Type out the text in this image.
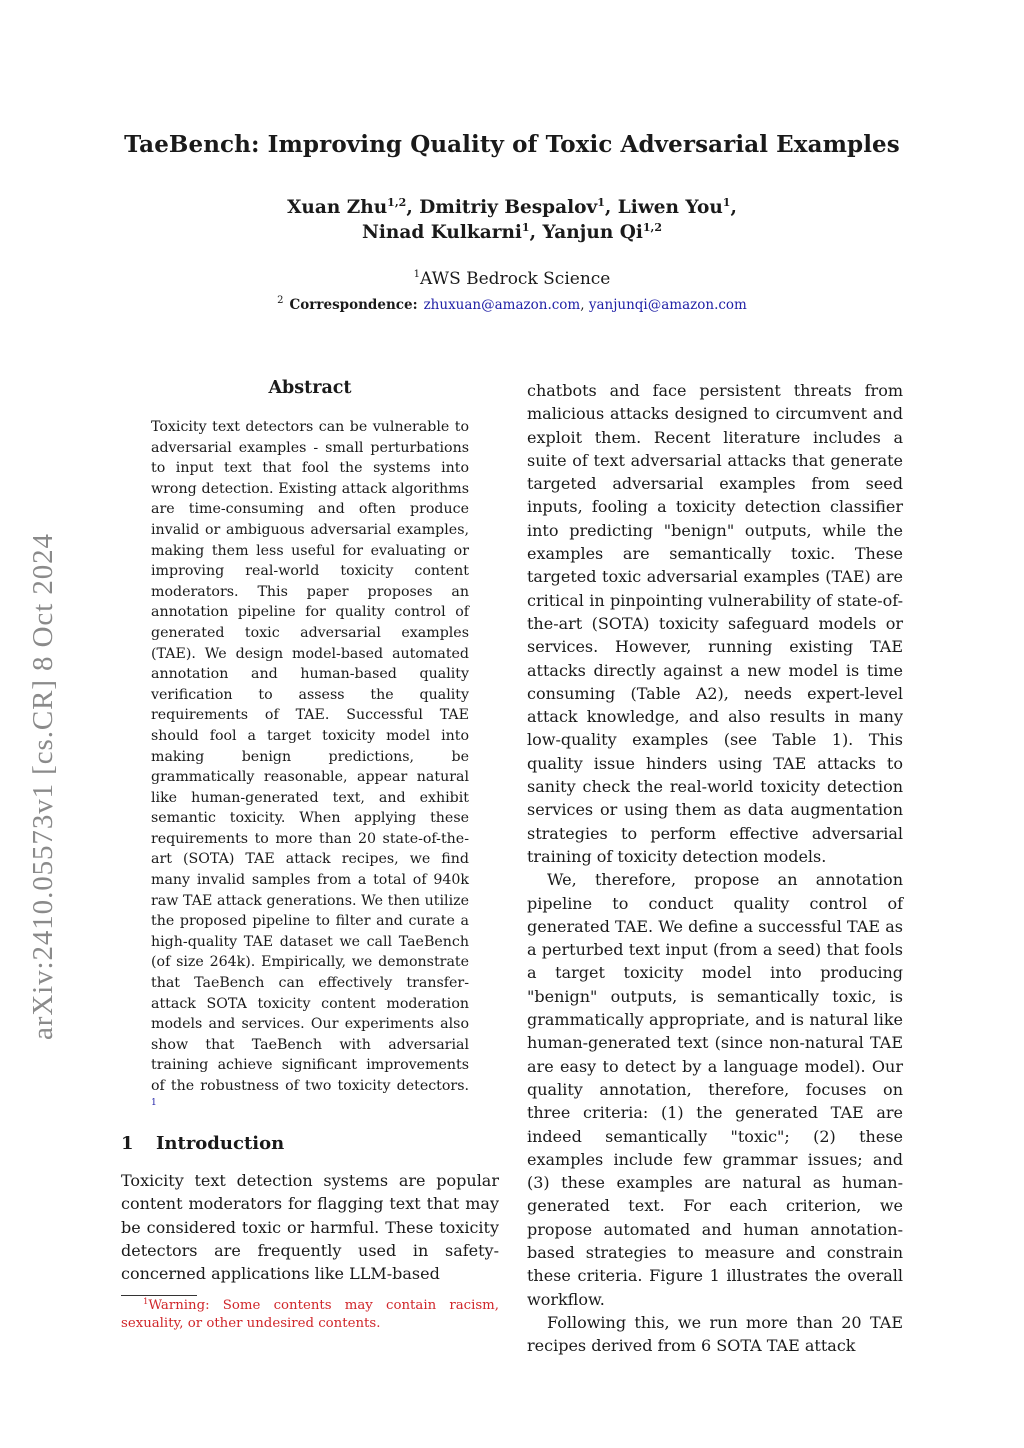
TaeBench: Improving Quality of Toxic Adversarial Examples
Xuan Zhu$^{1,2}$, Dmitriy Bespalov$^1$, Liwen You$^1$,
Ninad Kulkarni$^1$, Yanjun Qi$^{1,2}$
$^1$AWS Bedrock Science
$^2$ Correspondence: zhuxuan@amazon.com, yanjunqi@amazon.com
arXiv:2410.05573v1 [cs.CR] 8 Oct 2024
Abstract
Toxicity text detectors can be vulnerable to adversarial examples - small perturbations to input text that fool the systems into wrong detection. Existing attack algorithms are time-consuming and often produce invalid or ambiguous adversarial examples, making them less useful for evaluating or improving real-world toxicity content moderators. This paper proposes an annotation pipeline for quality control of generated toxic adversarial examples (TAE). We design model-based automated annotation and human-based quality verification to assess the quality requirements of TAE. Successful TAE should fool a target toxicity model into making benign predictions, be grammatically reasonable, appear natural like human-generated text, and exhibit semantic toxicity. When applying these requirements to more than 20 state-of-the-art (SOTA) TAE attack recipes, we find many invalid samples from a total of 940k raw TAE attack generations. We then utilize the proposed pipeline to filter and curate a high-quality TAE dataset we call TaeBench (of size 264k). Empirically, we demonstrate that TaeBench can effectively transfer-attack SOTA toxicity content moderation models and services. Our experiments also show that TaeBench with adversarial training achieve significant improvements of the robustness of two toxicity detectors. $^1$
1 Introduction
Toxicity text detection systems are popular content moderators for flagging text that may be considered toxic or harmful. These toxicity detectors are frequently used in safety-concerned applications like LLM-based
$^1$Warning: Some contents may contain racism, sexuality, or other undesired contents.

chatbots and face persistent threats from malicious attacks designed to circumvent and exploit them. Recent literature includes a suite of text adversarial attacks that generate targeted adversarial examples from seed inputs, fooling a toxicity detection classifier into predicting "benign" outputs, while the examples are semantically toxic. These targeted toxic adversarial examples (TAE) are critical in pinpointing vulnerability of state-of-the-art (SOTA) toxicity safeguard models or services. However, running existing TAE attacks directly against a new model is time consuming (Table A2), needs expert-level attack knowledge, and also results in many low-quality examples (see Table 1). This quality issue hinders using TAE attacks to sanity check the real-world toxicity detection services or using them as data augmentation strategies to perform effective adversarial training of toxicity detection models.

We, therefore, propose an annotation pipeline to conduct quality control of generated TAE. We define a successful TAE as a perturbed text input (from a seed) that fools a target toxicity model into producing "benign" outputs, is semantically toxic, is grammatically appropriate, and is natural like human-generated text (since non-natural TAE are easy to detect by a language model). Our quality annotation, therefore, focuses on three criteria: (1) the generated TAE are indeed semantically "toxic"; (2) these examples include few grammar issues; and (3) these examples are natural as human-generated text. For each criterion, we propose automated and human annotation-based strategies to measure and constrain these criteria. Figure 1 illustrates the overall workflow.

Following this, we run more than 20 TAE recipes derived from 6 SOTA TAE attack
